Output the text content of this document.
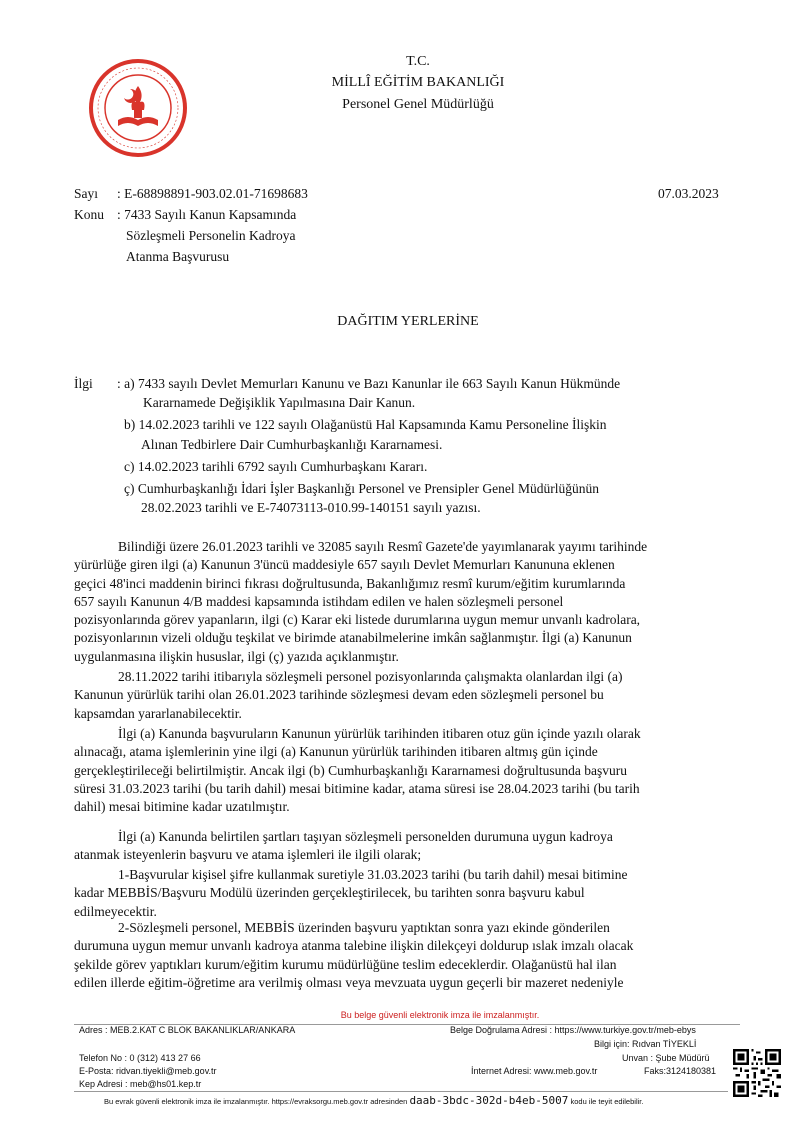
T.C.
MİLLÎ EĞİTİM BAKANLIĞI
Personel Genel Müdürlüğü
Sayı : E-68898891-903.02.01-71698683	07.03.2023
Konu : 7433 Sayılı Kanun Kapsamında
Sözleşmeli Personelin Kadroya
Atanma Başvurusu
DAĞITIM YERLERİNE
İlgi : a) 7433 sayılı Devlet Memurları Kanunu ve Bazı Kanunlar ile 663 Sayılı Kanun Hükmünde
Kararnamede Değişiklik Yapılmasına Dair Kanun.
b) 14.02.2023 tarihli ve 122 sayılı Olağanüstü Hal Kapsamında Kamu Personeline İlişkin
Alınan Tedbirlere Dair Cumhurbaşkanlığı Kararnamesi.
c) 14.02.2023 tarihli 6792 sayılı Cumhurbaşkanı Kararı.
ç) Cumhurbaşkanlığı İdari İşler Başkanlığı Personel ve Prensipler Genel Müdürlüğünün
28.02.2023 tarihli ve E-74073113-010.99-140151 sayılı yazısı.
Bilindiği üzere 26.01.2023 tarihli ve 32085 sayılı Resmî Gazete'de yayımlanarak yayımı tarihinde
yürürlüğe giren ilgi (a) Kanunun 3'üncü maddesiyle 657 sayılı Devlet Memurları Kanununa eklenen
geçici 48'inci maddenin birinci fıkrası doğrultusunda, Bakanlığımız resmî kurum/eğitim kurumlarında
657 sayılı Kanunun 4/B maddesi kapsamında istihdam edilen ve halen sözleşmeli personel
pozisyonlarında görev yapanların, ilgi (c) Karar eki listede durumlarına uygun memur unvanlı kadrolara,
pozisyonlarının vizeli olduğu teşkilat ve birimde atanabilmelerine imkân sağlanmıştır. İlgi (a) Kanunun
uygulanmasına ilişkin hususlar, ilgi (ç) yazıda açıklanmıştır.
28.11.2022 tarihi itibarıyla sözleşmeli personel pozisyonlarında çalışmakta olanlardan ilgi (a)
Kanunun yürürlük tarihi olan 26.01.2023 tarihinde sözleşmesi devam eden sözleşmeli personel bu
kapsamdan yararlanabilecektir.
İlgi (a) Kanunda başvuruların Kanunun yürürlük tarihinden itibaren otuz gün içinde yazılı olarak
alınacağı, atama işlemlerinin yine ilgi (a) Kanunun yürürlük tarihinden itibaren altmış gün içinde
gerçekleştirileceği belirtilmiştir. Ancak ilgi (b) Cumhurbaşkanlığı Kararnamesi doğrultusunda başvuru
süresi 31.03.2023 tarihi (bu tarih dahil) mesai bitimine kadar, atama süresi ise 28.04.2023 tarihi (bu tarih
dahil) mesai bitimine kadar uzatılmıştır.
İlgi (a) Kanunda belirtilen şartları taşıyan sözleşmeli personelden durumuna uygun kadroya
atanmak isteyenlerin başvuru ve atama işlemleri ile ilgili olarak;
1-Başvurular kişisel şifre kullanmak suretiyle 31.03.2023 tarihi (bu tarih dahil) mesai bitimine
kadar MEBBİS/Başvuru Modülü üzerinden gerçekleştirilecek, bu tarihten sonra başvuru kabul
edilmeyecektir.
2-Sözleşmeli personel, MEBBİS üzerinden başvuru yaptıktan sonra yazı ekinde gönderilen
durumuna uygun memur unvanlı kadroya atanma talebine ilişkin dilekçeyi doldurup ıslak imzalı olacak
şekilde görev yaptıkları kurum/eğitim kurumu müdürlüğüne teslim edeceklerdir. Olağanüstü hal ilan
edilen illerde eğitim-öğretime ara verilmiş olması veya mevzuata uygun geçerli bir mazeret nedeniyle
Bu belge güvenli elektronik imza ile imzalanmıştır.
Adres : MEB.2.KAT C BLOK BAKANLIKLAR/ANKARA	Belge Doğrulama Adresi : https://www.turkiye.gov.tr/meb-ebys
Bilgi için: Rıdvan TİYEKLİ
Telefon No : 0 (312) 413 27 66	Unvan : Şube Müdürü
E-Posta: ridvan.tiyekli@meb.gov.tr	İnternet Adresi: www.meb.gov.tr	Faks:3124180381
Kep Adresi : meb@hs01.kep.tr
Bu evrak güvenli elektronik imza ile imzalanmıştır. https://evraksorgu.meb.gov.tr adresinden daab-3bdc-302d-b4eb-5007 kodu ile teyit edilebilir.
